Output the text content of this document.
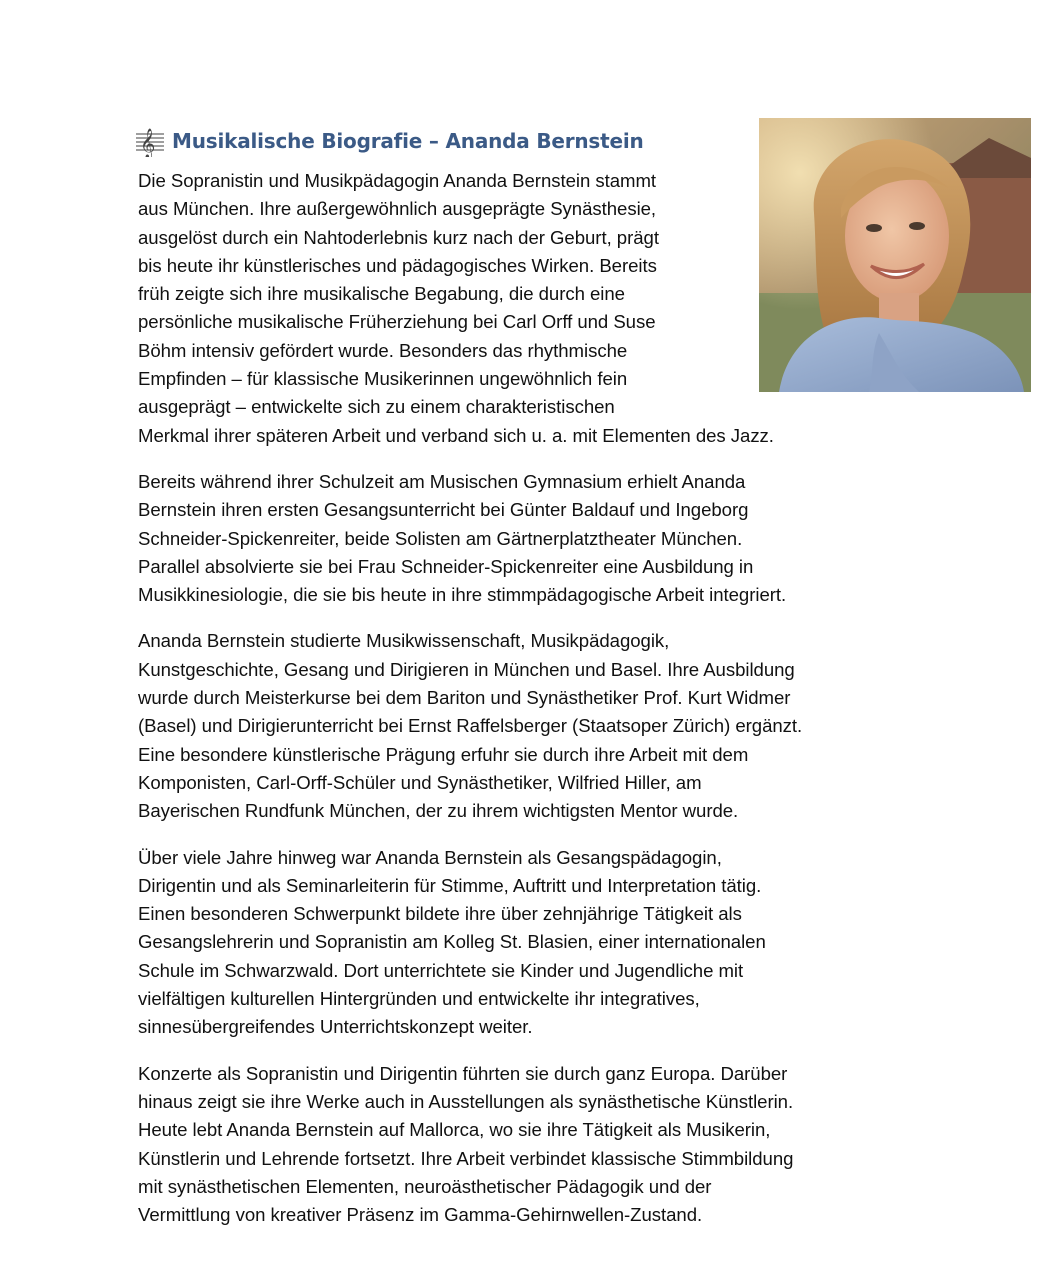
𝄞 Musikalische Biografie – Ananda Bernstein

Die Sopranistin und Musikpädagogin Ananda Bernstein stammt
aus München. Ihre außergewöhnlich ausgeprägte Synästhesie,
ausgelöst durch ein Nahtoderlebnis kurz nach der Geburt, prägt
bis heute ihr künstlerisches und pädagogisches Wirken. Bereits
früh zeigte sich ihre musikalische Begabung, die durch eine
persönliche musikalische Früherziehung bei Carl Orff und Suse
Böhm intensiv gefördert wurde. Besonders das rhythmische
Empfinden – für klassische Musikerinnen ungewöhnlich fein
ausgeprägt – entwickelte sich zu einem charakteristischen
Merkmal ihrer späteren Arbeit und verband sich u. a. mit Elementen des Jazz.

Bereits während ihrer Schulzeit am Musischen Gymnasium erhielt Ananda
Bernstein ihren ersten Gesangsunterricht bei Günter Baldauf und Ingeborg
Schneider-Spickenreiter, beide Solisten am Gärtnerplatztheater München.
Parallel absolvierte sie bei Frau Schneider-Spickenreiter eine Ausbildung in
Musikkinesiologie, die sie bis heute in ihre stimmpädagogische Arbeit integriert.

Ananda Bernstein studierte Musikwissenschaft, Musikpädagogik,
Kunstgeschichte, Gesang und Dirigieren in München und Basel. Ihre Ausbildung
wurde durch Meisterkurse bei dem Bariton und Synästhetiker Prof. Kurt Widmer
(Basel) und Dirigierunterricht bei Ernst Raffelsberger (Staatsoper Zürich) ergänzt.
Eine besondere künstlerische Prägung erfuhr sie durch ihre Arbeit mit dem
Komponisten, Carl-Orff-Schüler und Synästhetiker, Wilfried Hiller, am
Bayerischen Rundfunk München, der zu ihrem wichtigsten Mentor wurde.

Über viele Jahre hinweg war Ananda Bernstein als Gesangspädagogin,
Dirigentin und als Seminarleiterin für Stimme, Auftritt und Interpretation tätig.
Einen besonderen Schwerpunkt bildete ihre über zehnjährige Tätigkeit als
Gesangslehrerin und Sopranistin am Kolleg St. Blasien, einer internationalen
Schule im Schwarzwald. Dort unterrichtete sie Kinder und Jugendliche mit
vielfältigen kulturellen Hintergründen und entwickelte ihr integratives,
sinnesübergreifendes Unterrichtskonzept weiter.

Konzerte als Sopranistin und Dirigentin führten sie durch ganz Europa. Darüber
hinaus zeigt sie ihre Werke auch in Ausstellungen als synästhetische Künstlerin.
Heute lebt Ananda Bernstein auf Mallorca, wo sie ihre Tätigkeit als Musikerin,
Künstlerin und Lehrende fortsetzt. Ihre Arbeit verbindet klassische Stimmbildung
mit synästhetischen Elementen, neuroästhetischer Pädagogik und der
Vermittlung von kreativer Präsenz im Gamma-Gehirnwellen-Zustand.
